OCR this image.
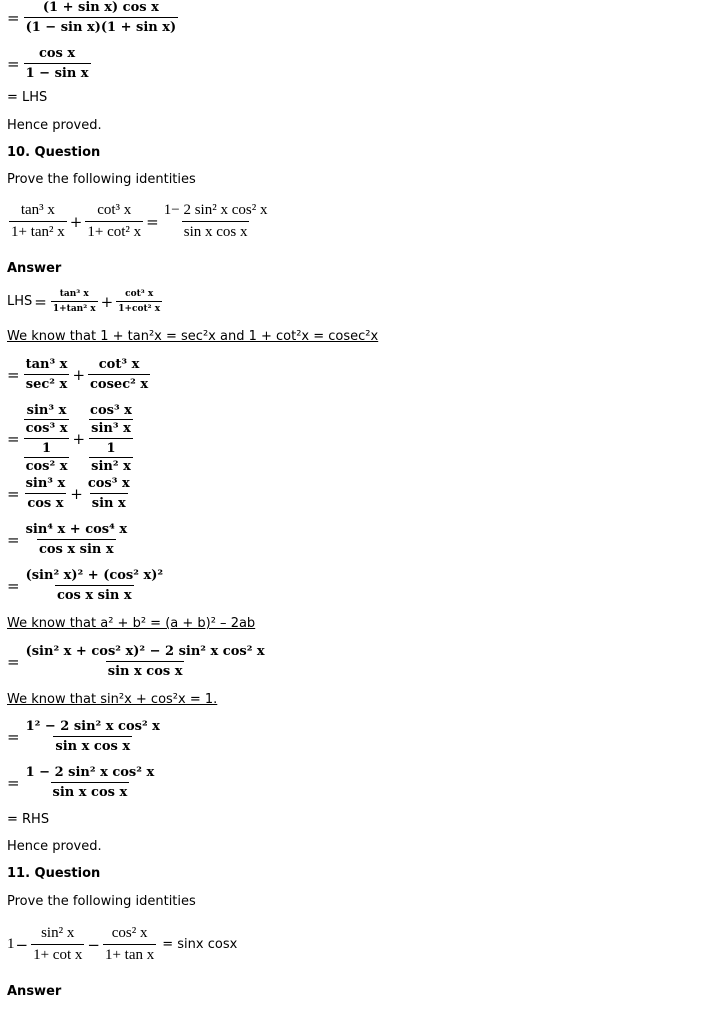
= $\frac{\text{(1 + sin x) cos x}}{\text{(1 − sin x)(1 + sin x)}}$
= $\frac{\text{cos x}}{\text{1 − sin x}}$
= LHS
Hence proved.
10. Question
Prove the following identities
$\frac{\text{tan³ x}}{\text{1+ tan² x}} + \frac{\text{cot³ x}}{\text{1+ cot² x}} = \frac{\text{1− 2 sin² x cos² x}}{\text{sin x cos x}}$
Answer
LHS = $\frac{\text{tan³ x}}{\text{1+tan² x}} + \frac{\text{cot³ x}}{\text{1+cot² x}}$
We know that 1 + tan²x = sec²x and 1 + cot²x = cosec²x
= $\frac{\text{tan³ x}}{\text{sec² x}} + \frac{\text{cot³ x}}{\text{cosec² x}}$
= $\frac{\frac{\text{sin³ x}}{\text{cos³ x}}}{\frac{1}{\text{cos² x}}} + \frac{\frac{\text{cos³ x}}{\text{sin³ x}}}{\frac{1}{\text{sin² x}}}$
= $\frac{\text{sin³ x}}{\text{cos x}} + \frac{\text{cos³ x}}{\text{sin x}}$
= $\frac{\text{sin⁴ x + cos⁴ x}}{\text{cos x sin x}}$
= $\frac{\text{(sin² x)² + (cos² x)²}}{\text{cos x sin x}}$
We know that a² + b² = (a + b)² – 2ab
= $\frac{\text{(sin² x + cos² x)² − 2 sin² x cos² x}}{\text{sin x cos x}}$
We know that sin²x + cos²x = 1.
= $\frac{\text{1² − 2 sin² x cos² x}}{\text{sin x cos x}}$
= $\frac{\text{1 − 2 sin² x cos² x}}{\text{sin x cos x}}$
= RHS
Hence proved.
11. Question
Prove the following identities
$1 - \frac{\text{sin² x}}{\text{1+ cot x}} - \frac{\text{cos² x}}{\text{1+ tan x}} = \sin x$ cosx
Answer
